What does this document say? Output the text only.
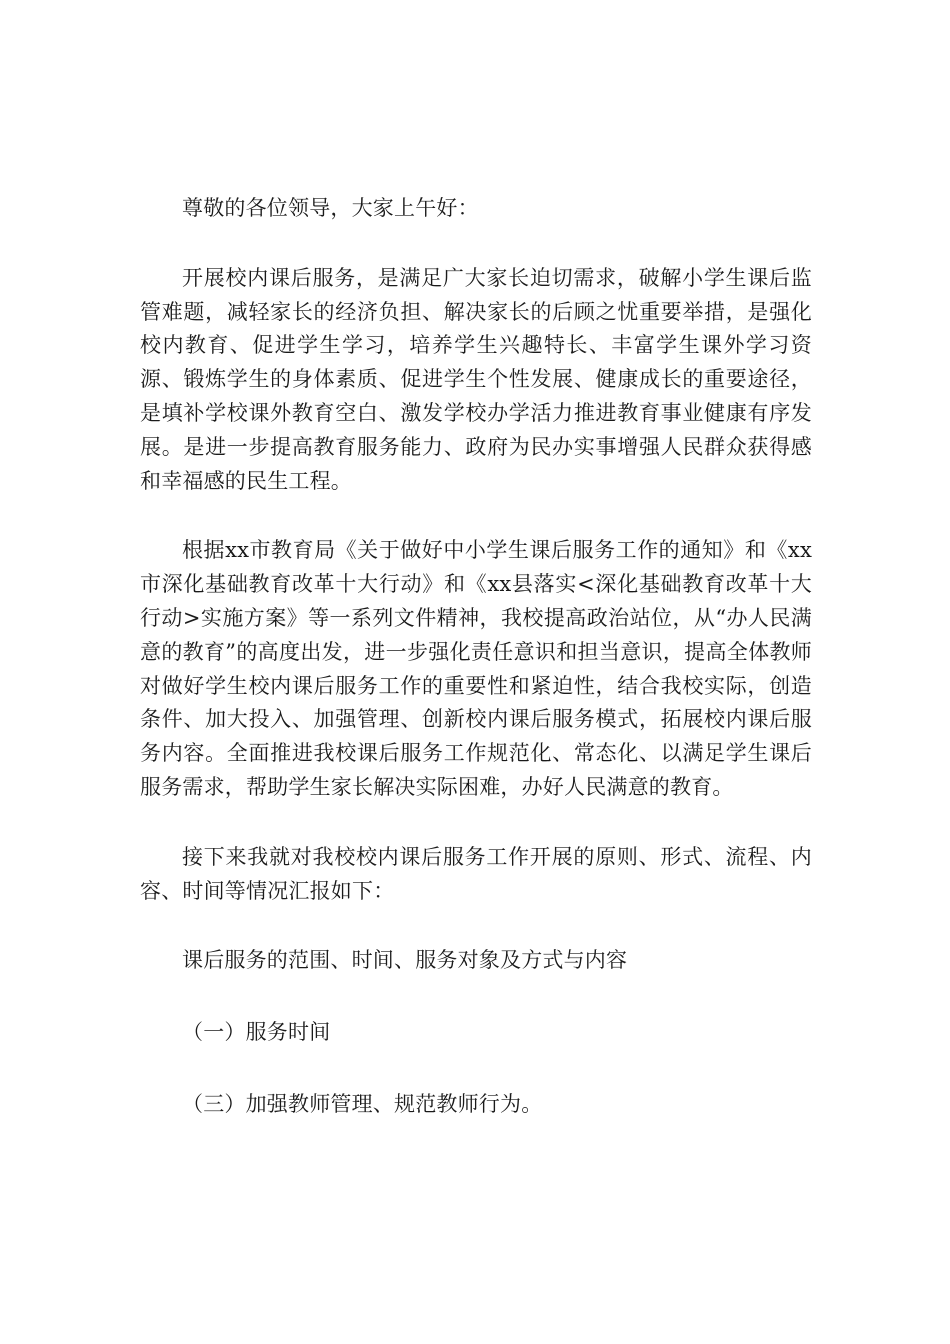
尊敬的各位领导，大家上午好：

开展校内课后服务，是满足广大家长迫切需求，破解小学生课后监管难题，减轻家长的经济负担、解决家长的后顾之忧重要举措，是强化校内教育、促进学生学习，培养学生兴趣特长、丰富学生课外学习资源、锻炼学生的身体素质、促进学生个性发展、健康成长的重要途径，是填补学校课外教育空白、激发学校办学活力推进教育事业健康有序发展。是进一步提高教育服务能力、政府为民办实事增强人民群众获得感和幸福感的民生工程。

根据xx市教育局《关于做好中小学生课后服务工作的通知》和《xx市深化基础教育改革十大行动》和《xx县落实<深化基础教育改革十大行动>实施方案》等一系列文件精神，我校提高政治站位，从“办人民满意的教育”的高度出发，进一步强化责任意识和担当意识，提高全体教师对做好学生校内课后服务工作的重要性和紧迫性，结合我校实际，创造条件、加大投入、加强管理、创新校内课后服务模式，拓展校内课后服务内容。全面推进我校课后服务工作规范化、常态化、以满足学生课后服务需求，帮助学生家长解决实际困难，办好人民满意的教育。

接下来我就对我校校内课后服务工作开展的原则、形式、流程、内容、时间等情况汇报如下：

课后服务的范围、时间、服务对象及方式与内容

（一）服务时间

（三）加强教师管理、规范教师行为。
